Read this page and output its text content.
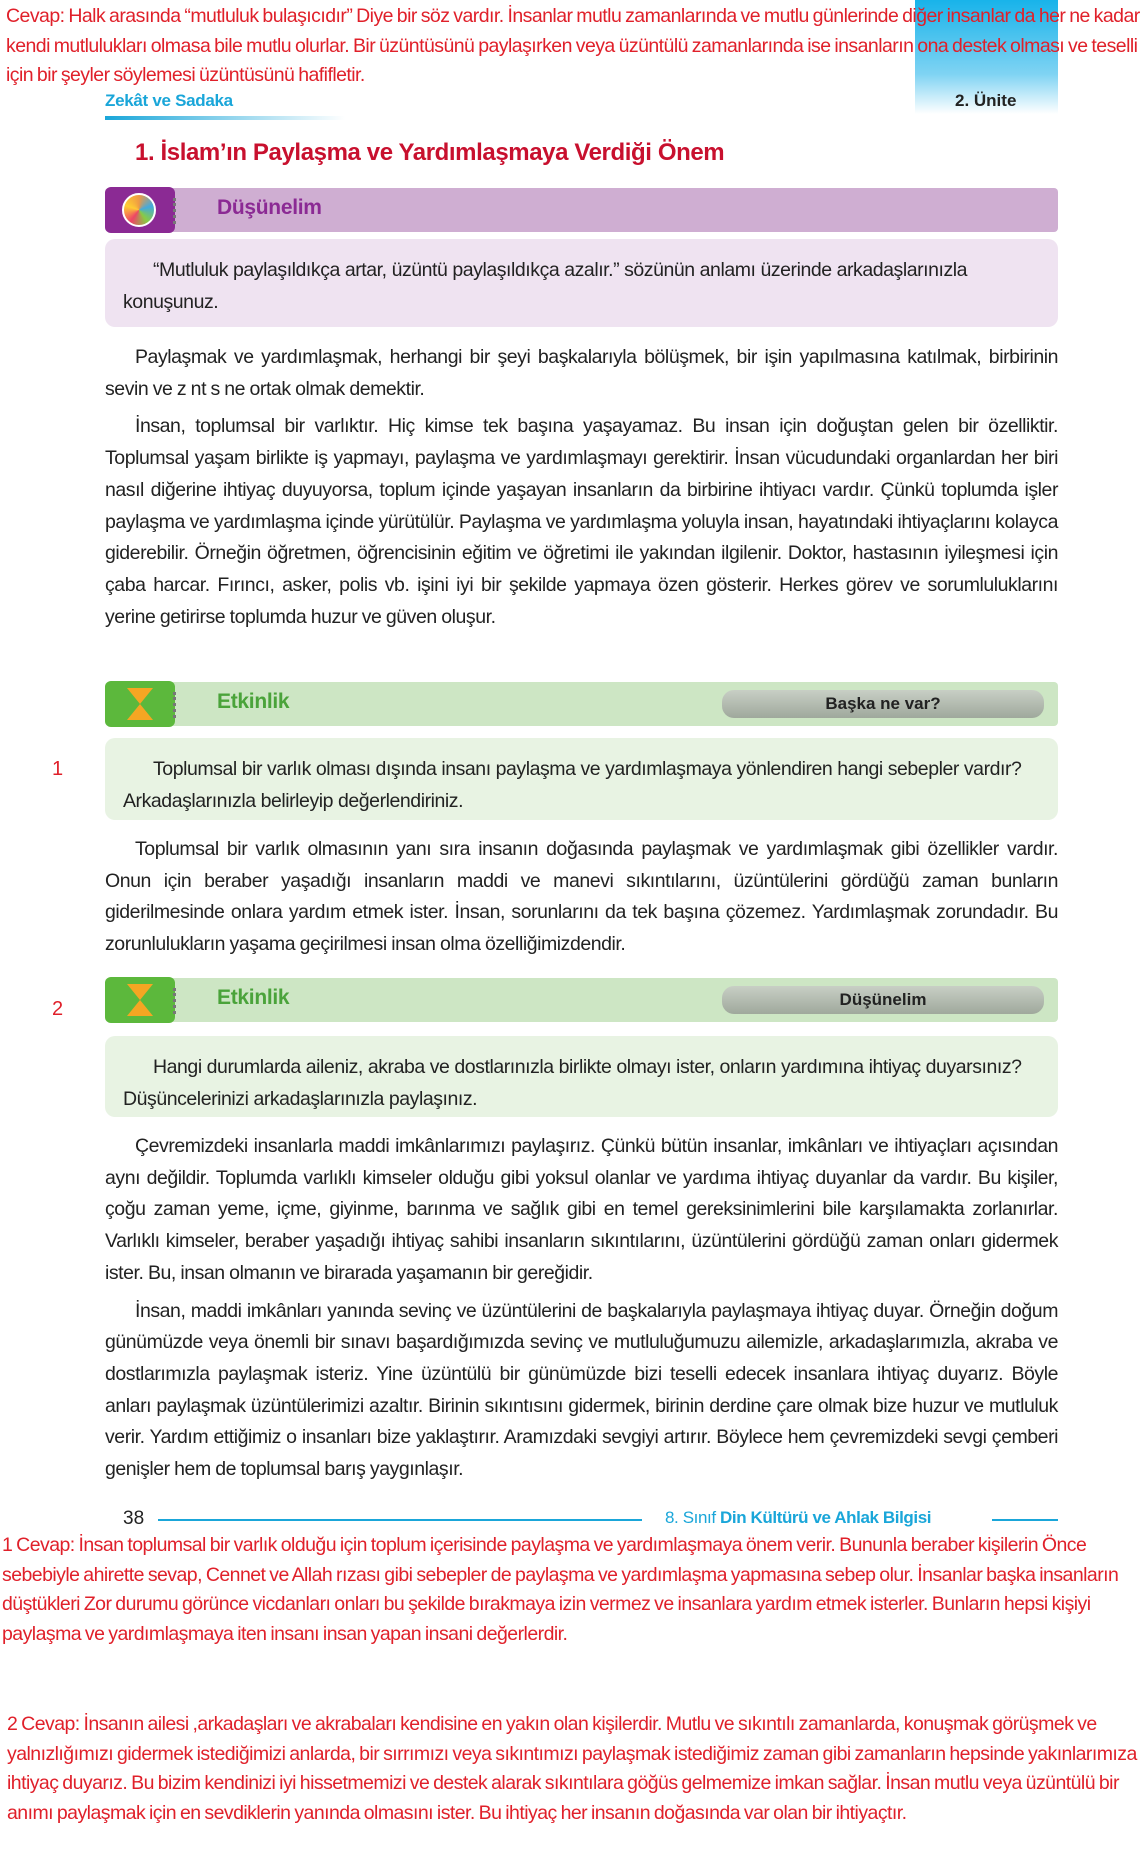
Cevap: Halk arasında “mutluluk bulaşıcıdır” Diye bir söz vardır. İnsanlar mutlu zamanlarında ve mutlu günlerinde diğer insanlar da her ne kadar kendi mutlulukları olmasa bile mutlu olurlar. Bir üzüntüsünü paylaşırken veya üzüntülü zamanlarında ise insanların ona destek olması ve teselli için bir şeyler söylemesi üzüntüsünü hafifletir.
Zekât ve Sadaka	2. Ünite
1. İslam’ın Paylaşma ve Yardımlaşmaya Verdiği Önem
Düşünelim

“Mutluluk paylaşıldıkça artar, üzüntü paylaşıldıkça azalır.” sözünün anlamı üzerinde arkadaşlarınızla konuşunuz.

Paylaşmak ve yardımlaşmak, herhangi bir şeyi başkalarıyla bölüşmek, bir işin yapılmasına katılmak, birbirinin sevin ve z nt s ne ortak olmak demektir.

İnsan, toplumsal bir varlıktır. Hiç kimse tek başına yaşayamaz. Bu insan için doğuştan gelen bir özelliktir. Toplumsal yaşam birlikte iş yapmayı, paylaşma ve yardımlaşmayı gerektirir. İnsan vücudundaki organlardan her biri nasıl diğerine ihtiyaç duyuyorsa, toplum içinde yaşayan insanların da birbirine ihtiyacı vardır. Çünkü toplumda işler paylaşma ve yardımlaşma içinde yürütülür. Paylaşma ve yardımlaşma yoluyla insan, hayatındaki ihtiyaçlarını kolayca giderebilir. Örneğin öğretmen, öğrencisinin eğitim ve öğretimi ile yakından ilgilenir. Doktor, hastasının iyileşmesi için çaba harcar. Fırıncı, asker, polis vb. işini iyi bir şekilde yapmaya özen gösterir. Herkes görev ve sorumluluklarını yerine getirirse toplumda huzur ve güven oluşur.

Etkinlik	Başka ne var?
1	Toplumsal bir varlık olması dışında insanı paylaşma ve yardımlaşmaya yönlendiren hangi sebepler vardır? Arkadaşlarınızla belirleyip değerlendiriniz.

Toplumsal bir varlık olmasının yanı sıra insanın doğasında paylaşmak ve yardımlaşmak gibi özellikler vardır. Onun için beraber yaşadığı insanların maddi ve manevi sıkıntılarını, üzüntülerini gördüğü zaman bunların giderilmesinde onlara yardım etmek ister. İnsan, sorunlarını da tek başına çözemez. Yardımlaşmak zorundadır. Bu zorunlulukların yaşama geçirilmesi insan olma özelliğimizdendir.

Etkinlik	Düşünelim
2

Hangi durumlarda aileniz, akraba ve dostlarınızla birlikte olmayı ister, onların yardımına ihtiyaç duyarsınız? Düşüncelerinizi arkadaşlarınızla paylaşınız.

Çevremizdeki insanlarla maddi imkânlarımızı paylaşırız. Çünkü bütün insanlar, imkânları ve ihtiyaçları açısından aynı değildir. Toplumda varlıklı kimseler olduğu gibi yoksul olanlar ve yardıma ihtiyaç duyanlar da vardır. Bu kişiler, çoğu zaman yeme, içme, giyinme, barınma ve sağlık gibi en temel gereksinimlerini bile karşılamakta zorlanırlar. Varlıklı kimseler, beraber yaşadığı ihtiyaç sahibi insanların sıkıntılarını, üzüntülerini gördüğü zaman onları gidermek ister. Bu, insan olmanın ve birarada yaşamanın bir gereğidir.

İnsan, maddi imkânları yanında sevinç ve üzüntülerini de başkalarıyla paylaşmaya ihtiyaç duyar. Örneğin doğum günümüzde veya önemli bir sınavı başardığımızda sevinç ve mutluluğumuzu ailemizle, arkadaşlarımızla, akraba ve dostlarımızla paylaşmak isteriz. Yine üzüntülü bir günümüzde bizi teselli edecek insanlara ihtiyaç duyarız. Böyle anları paylaşmak üzüntülerimizi azaltır. Birinin sıkıntısını gidermek, birinin derdine çare olmak bize huzur ve mutluluk verir. Yardım ettiğimiz o insanları bize yaklaştırır. Aramızdaki sevgiyi artırır. Böylece hem çevremizdeki sevgi çemberi genişler hem de toplumsal barış yaygınlaşır.

38	8. Sınıf Din Kültürü ve Ahlak Bilgisi
1 Cevap: İnsan toplumsal bir varlık olduğu için toplum içerisinde paylaşma ve yardımlaşmaya önem verir. Bununla beraber kişilerin Önce sebebiyle ahirette sevap, Cennet ve Allah rızası gibi sebepler de paylaşma ve yardımlaşma yapmasına sebep olur. İnsanlar başka insanların düştükleri Zor durumu görünce vicdanları onları bu şekilde bırakmaya izin vermez ve insanlara yardım etmek isterler. Bunların hepsi kişiyi paylaşma ve yardımlaşmaya iten insanı insan yapan insani değerlerdir.
2 Cevap: İnsanın ailesi ,arkadaşları ve akrabaları kendisine en yakın olan kişilerdir. Mutlu ve sıkıntılı zamanlarda, konuşmak görüşmek ve yalnızlığımızı gidermek istediğimizi anlarda, bir sırrımızı veya sıkıntımızı paylaşmak istediğimiz zaman gibi zamanların hepsinde yakınlarımıza ihtiyaç duyarız. Bu bizim kendinizi iyi hissetmemizi ve destek alarak sıkıntılara göğüs gelmemize imkan sağlar. İnsan mutlu veya üzüntülü bir anımı paylaşmak için en sevdiklerin yanında olmasını ister. Bu ihtiyaç her insanın doğasında var olan bir ihtiyaçtır.
